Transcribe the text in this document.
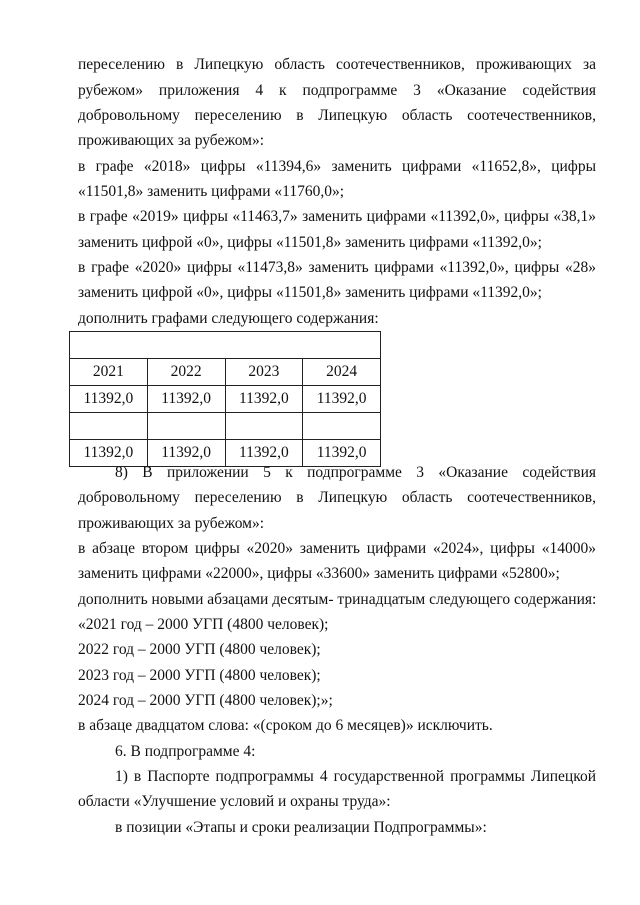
переселению в Липецкую область соотечественников, проживающих за
рубежом» приложения 4 к подпрограмме 3 «Оказание содействия
добровольному переселению в Липецкую область соотечественников,
проживающих за рубежом»:
в графе «2018» цифры «11394,6» заменить цифрами «11652,8», цифры
«11501,8» заменить цифрами «11760,0»;
в графе «2019» цифры «11463,7» заменить цифрами «11392,0», цифры «38,1»
заменить цифрой «0», цифры «11501,8» заменить цифрами «11392,0»;
в графе «2020» цифры «11473,8» заменить цифрами «11392,0», цифры «28»
заменить цифрой «0», цифры «11501,8» заменить цифрами «11392,0»;
дополнить графами следующего содержания:

2021	2022	2023	2024
11392,0	11392,0	11392,0	11392,0

11392,0	11392,0	11392,0	11392,0
8) В приложении 5 к подпрограмме 3 «Оказание содействия
добровольному переселению в Липецкую область соотечественников,
проживающих за рубежом»:
в абзаце втором цифры «2020» заменить цифрами «2024», цифры «14000»
заменить цифрами «22000», цифры «33600» заменить цифрами «52800»;
дополнить новыми абзацами десятым- тринадцатым следующего содержания:
«2021 год – 2000 УГП (4800 человек);
2022 год – 2000 УГП (4800 человек);
2023 год – 2000 УГП (4800 человек);
2024 год – 2000 УГП (4800 человек);»;
в абзаце двадцатом слова: «(сроком до 6 месяцев)» исключить.
6. В подпрограмме 4:
1) в Паспорте подпрограммы 4 государственной программы Липецкой
области «Улучшение условий и охраны труда»:
в позиции «Этапы и сроки реализации Подпрограммы»:
